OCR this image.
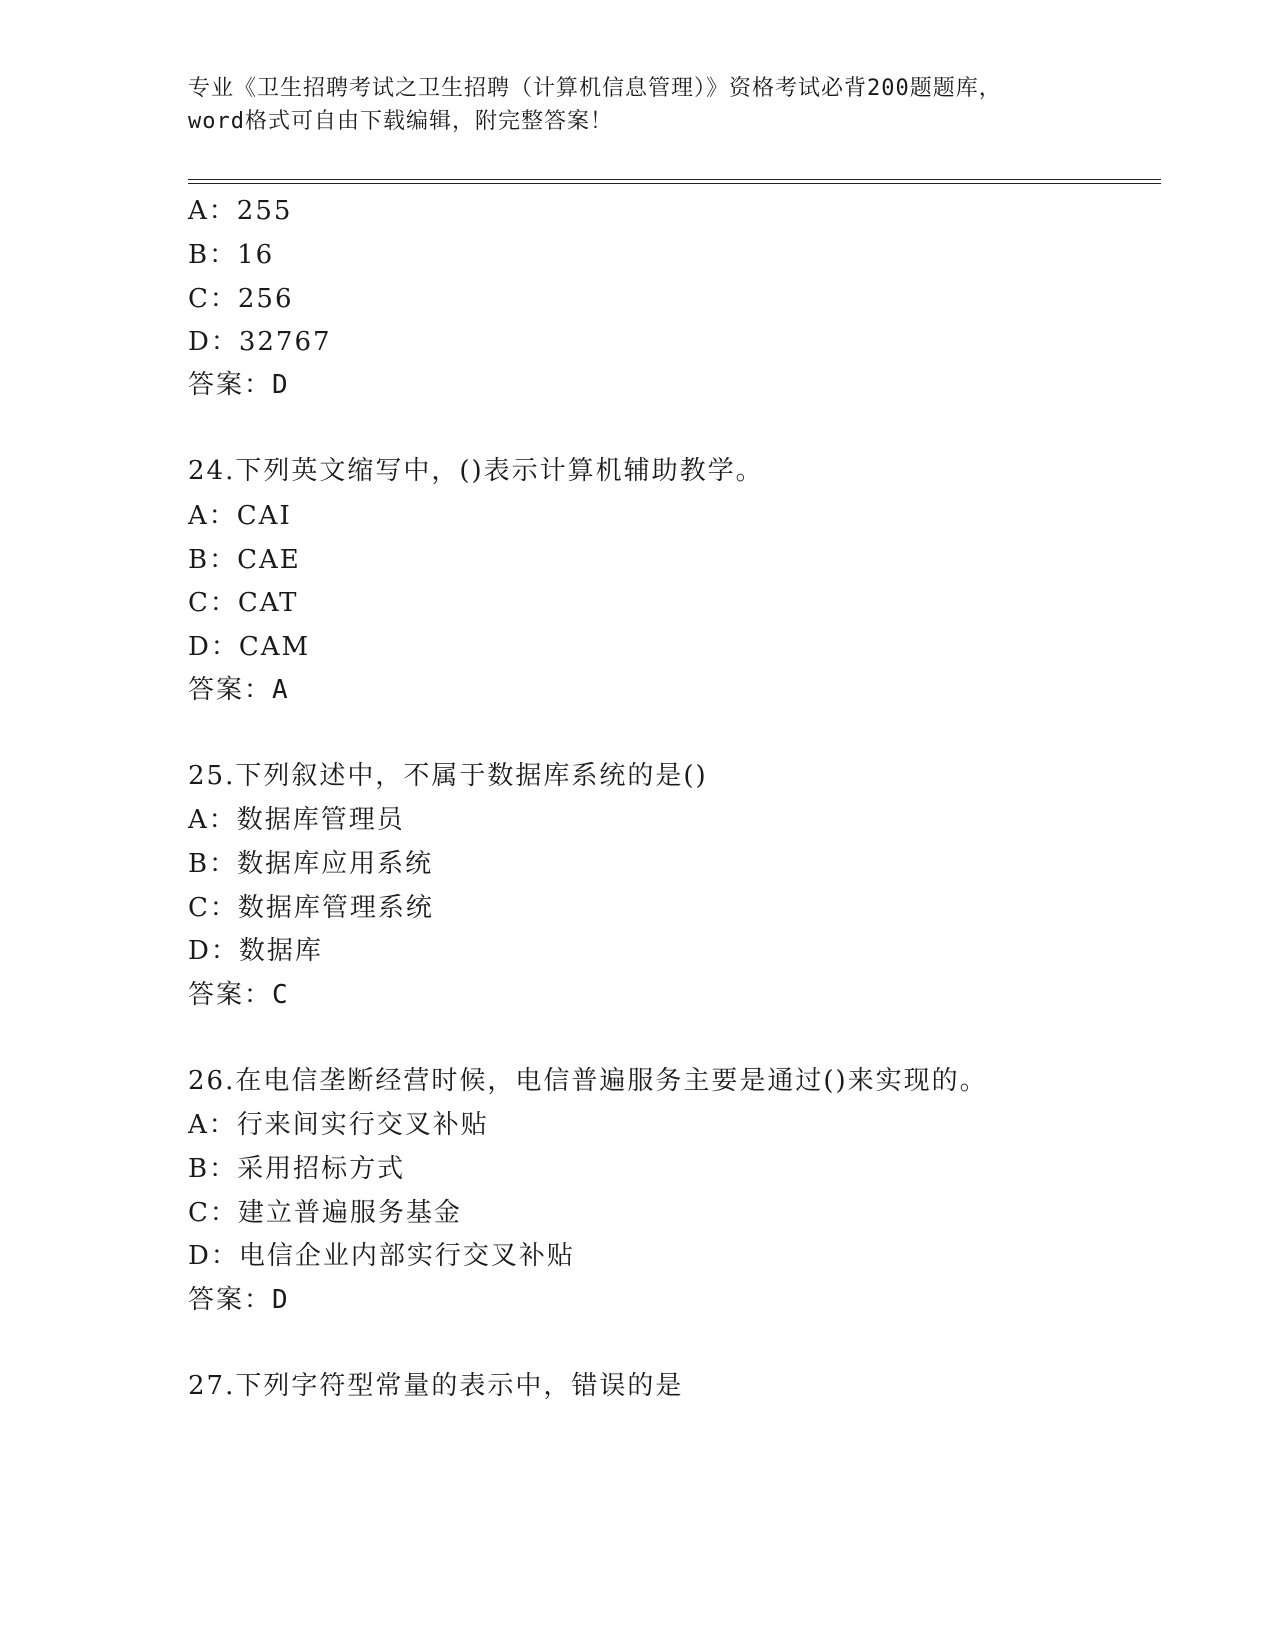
专业《卫生招聘考试之卫生招聘（计算机信息管理）》资格考试必背200题题库，
word格式可自由下载编辑，附完整答案！
A：255
B：16
C：256
D：32767
答案：D
24.下列英文缩写中，()表示计算机辅助教学。
A：CAI
B：CAE
C：CAT
D：CAM
答案：A
25.下列叙述中，不属于数据库系统的是()
A：数据库管理员
B：数据库应用系统
C：数据库管理系统
D：数据库
答案：C
26.在电信垄断经营时候，电信普遍服务主要是通过()来实现的。
A：行来间实行交叉补贴
B：采用招标方式
C：建立普遍服务基金
D：电信企业内部实行交叉补贴
答案：D
27.下列字符型常量的表示中，错误的是
